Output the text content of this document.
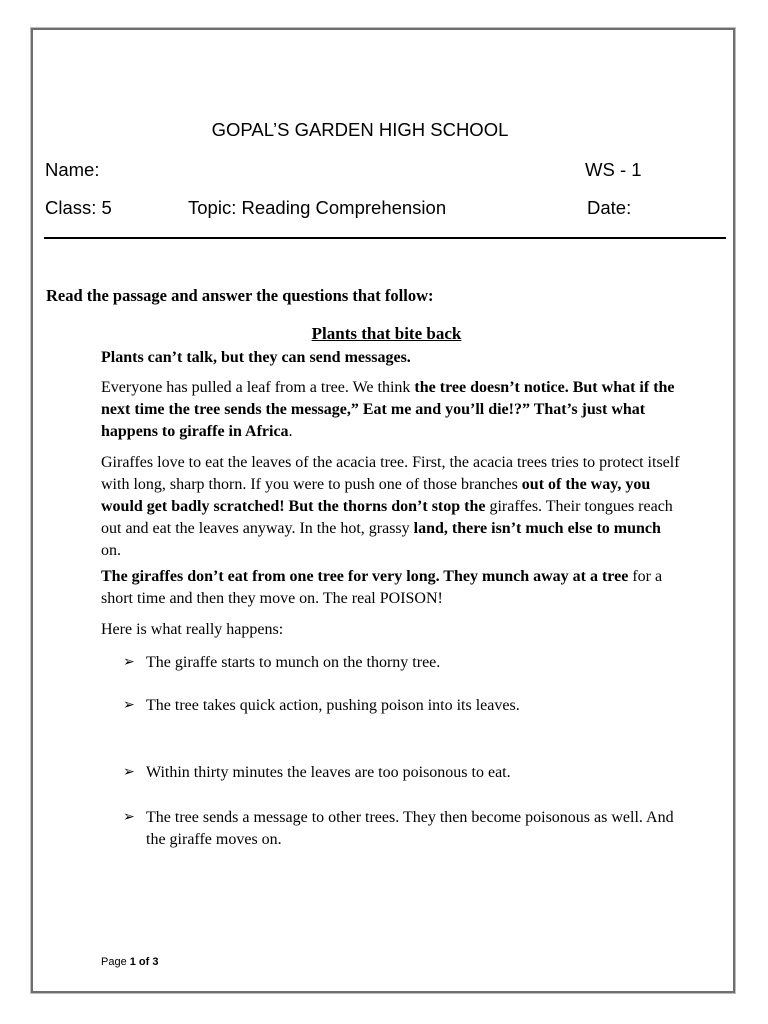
GOPAL’S GARDEN HIGH SCHOOL
Name:	WS - 1
Class: 5	Topic: Reading Comprehension	Date:
Read the passage and answer the questions that follow:
Plants that bite back
Plants can’t talk, but they can send messages.
Everyone has pulled a leaf from a tree. We think the tree doesn’t notice. But what if the next time the tree sends the message,” Eat me and you’ll die!?” That’s just what happens to giraffe in Africa.
Giraffes love to eat the leaves of the acacia tree. First, the acacia trees tries to protect itself with long, sharp thorn. If you were to push one of those branches out of the way, you would get badly scratched! But the thorns don’t stop the giraffes. Their tongues reach out and eat the leaves anyway. In the hot, grassy land, there isn’t much else to munch on.
The giraffes don’t eat from one tree for very long. They munch away at a tree for a short time and then they move on. The real POISON!
Here is what really happens:
➢ The giraffe starts to munch on the thorny tree.
➢ The tree takes quick action, pushing poison into its leaves.
➢ Within thirty minutes the leaves are too poisonous to eat.
➢ The tree sends a message to other trees. They then become poisonous as well. And the giraffe moves on.
Page 1 of 3
